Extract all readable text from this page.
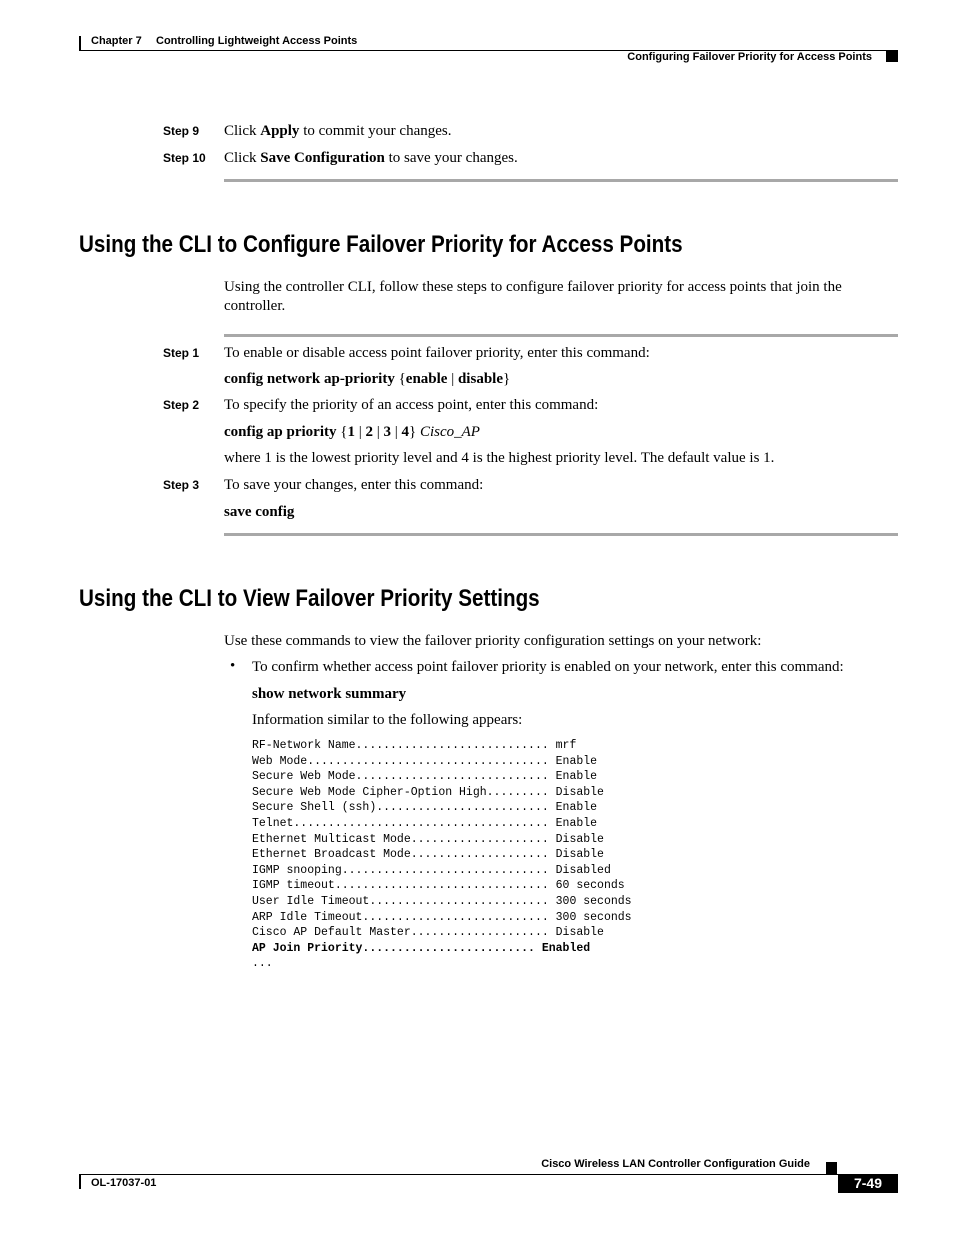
Chapter 7 Controlling Lightweight Access Points
Configuring Failover Priority for Access Points
Step 9 Click Apply to commit your changes.
Step 10 Click Save Configuration to save your changes.
Using the CLI to Configure Failover Priority for Access Points
Using the controller CLI, follow these steps to configure failover priority for access points that join the controller.
Step 1 To enable or disable access point failover priority, enter this command:
config network ap-priority {enable | disable}
Step 2 To specify the priority of an access point, enter this command:
config ap priority {1 | 2 | 3 | 4} Cisco_AP
where 1 is the lowest priority level and 4 is the highest priority level. The default value is 1.
Step 3 To save your changes, enter this command:
save config
Using the CLI to View Failover Priority Settings
Use these commands to view the failover priority configuration settings on your network:
• To confirm whether access point failover priority is enabled on your network, enter this command:
show network summary
Information similar to the following appears:
RF-Network Name............................ mrf
Web Mode................................... Enable
Secure Web Mode............................ Enable
Secure Web Mode Cipher-Option High......... Disable
Secure Shell (ssh)......................... Enable
Telnet..................................... Enable
Ethernet Multicast Mode.................... Disable
Ethernet Broadcast Mode.................... Disable
IGMP snooping.............................. Disabled
IGMP timeout............................... 60 seconds
User Idle Timeout.......................... 300 seconds
ARP Idle Timeout........................... 300 seconds
Cisco AP Default Master.................... Disable
AP Join Priority......................... Enabled
...
Cisco Wireless LAN Controller Configuration Guide
OL-17037-01	7-49
